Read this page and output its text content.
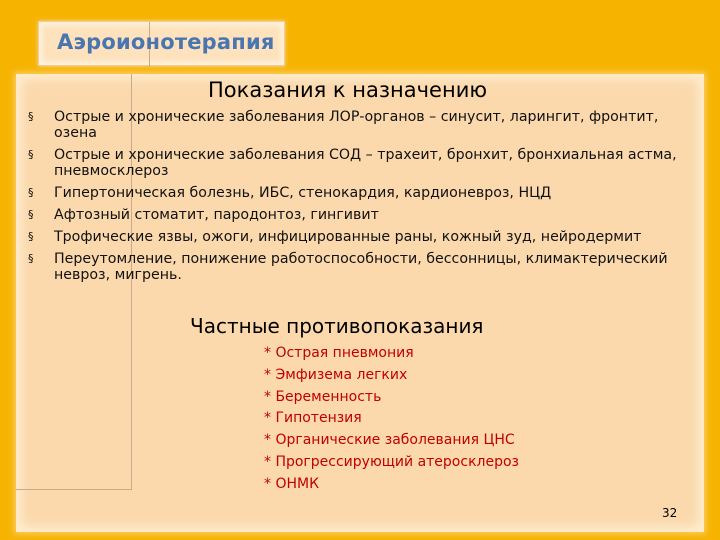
Аэроионотерапия
Показания к назначению
§ Острые и хронические заболевания ЛОР-органов – синусит, ларингит, фронтит, озена
§ Острые и хронические заболевания СОД – трахеит, бронхит, бронхиальная астма, пневмосклероз
§ Гипертоническая болезнь, ИБС, стенокардия, кардионевроз, НЦД
§ Афтозный стоматит, пародонтоз, гингивит
§ Трофические язвы, ожоги, инфицированные раны, кожный зуд, нейродермит
§ Переутомление, понижение работоспособности, бессонницы, климактерический невроз, мигрень.
Частные противопоказания
* Острая пневмония
* Эмфизема легких
* Беременность
* Гипотензия
* Органические заболевания ЦНС
* Прогрессирующий атеросклероз
* ОНМК
32
